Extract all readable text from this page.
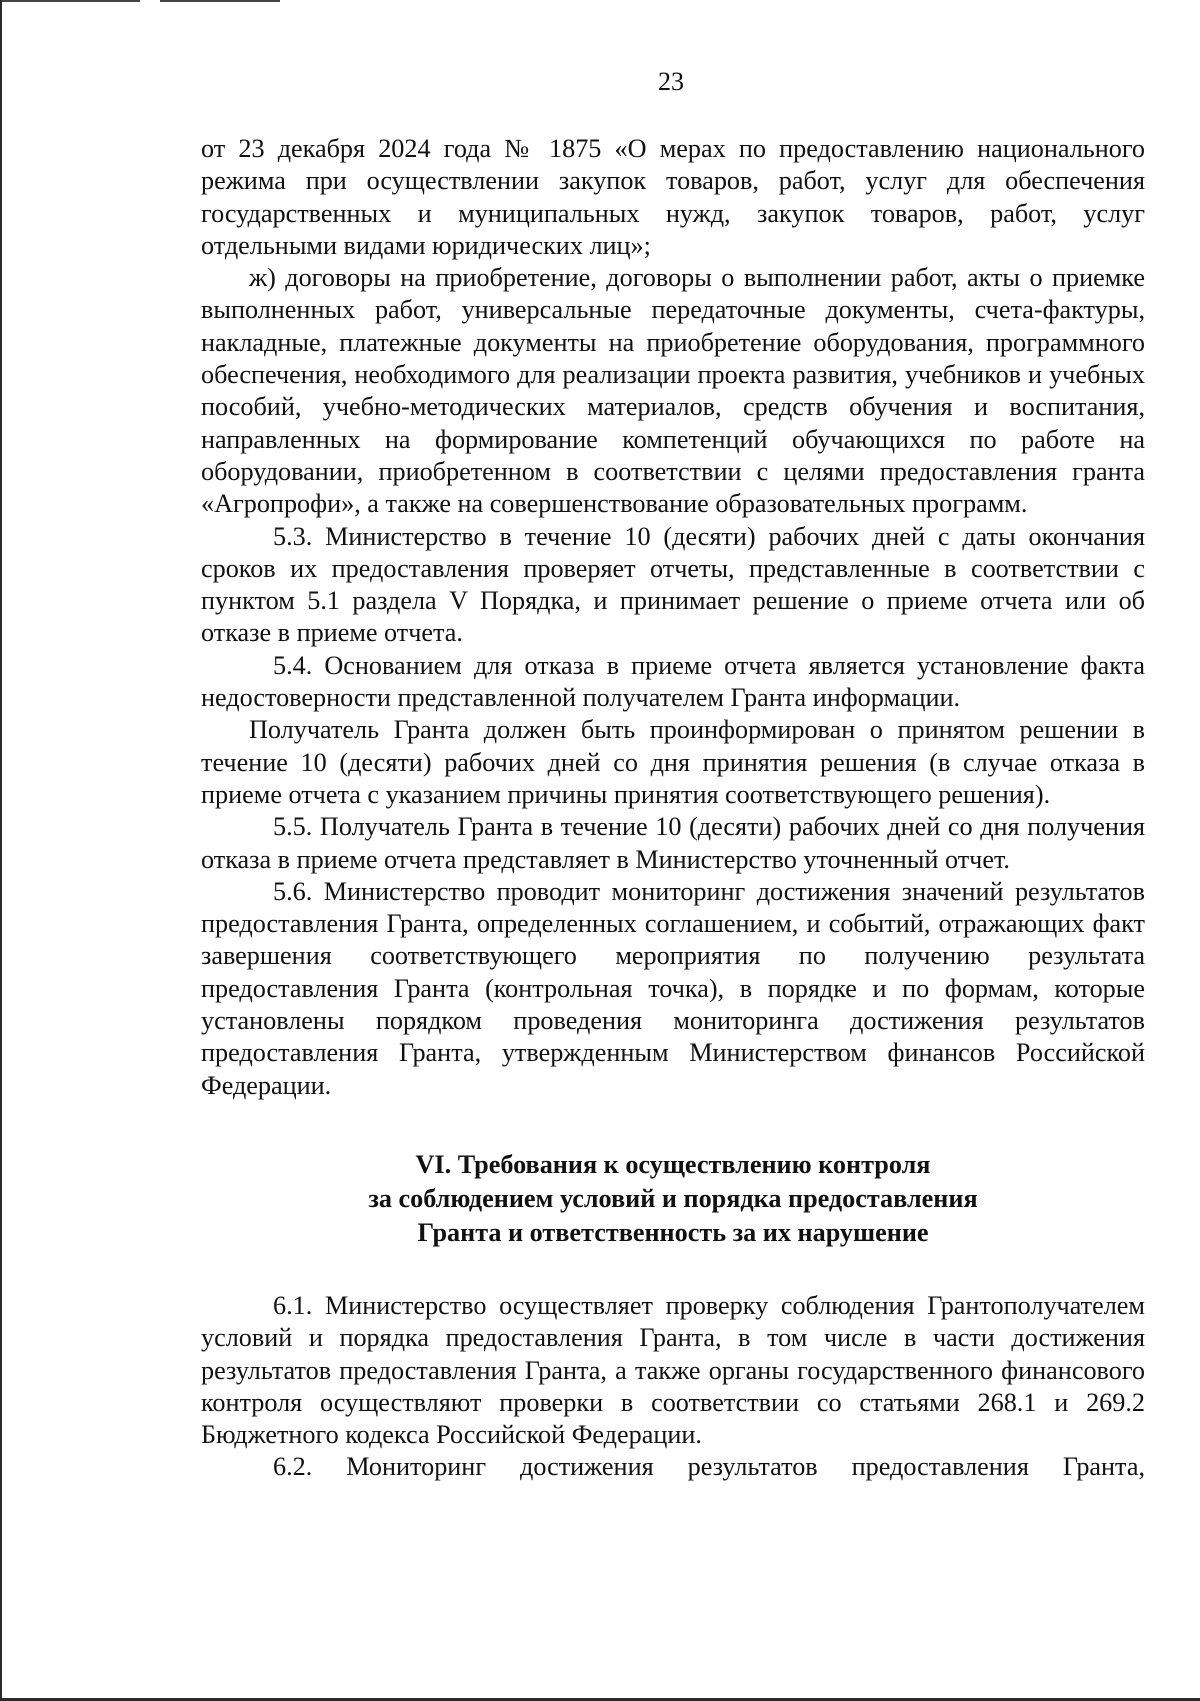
23

от 23 декабря 2024 года № 1875 «О мерах по предоставлению национального режима при осуществлении закупок товаров, работ, услуг для обеспечения государственных и муниципальных нужд, закупок товаров, работ, услуг отдельными видами юридических лиц»;

ж) договоры на приобретение, договоры о выполнении работ, акты о приемке выполненных работ, универсальные передаточные документы, счета-фактуры, накладные, платежные документы на приобретение оборудования, программного обеспечения, необходимого для реализации проекта развития, учебников и учебных пособий, учебно-методических материалов, средств обучения и воспитания, направленных на формирование компетенций обучающихся по работе на оборудовании, приобретенном в соответствии с целями предоставления гранта «Агропрофи», а также на совершенствование образовательных программ.

5.3. Министерство в течение 10 (десяти) рабочих дней с даты окончания сроков их предоставления проверяет отчеты, представленные в соответствии с пунктом 5.1 раздела V Порядка, и принимает решение о приеме отчета или об отказе в приеме отчета.

5.4. Основанием для отказа в приеме отчета является установление факта недостоверности представленной получателем Гранта информации.

Получатель Гранта должен быть проинформирован о принятом решении в течение 10 (десяти) рабочих дней со дня принятия решения (в случае отказа в приеме отчета с указанием причины принятия соответствующего решения).

5.5. Получатель Гранта в течение 10 (десяти) рабочих дней со дня получения отказа в приеме отчета представляет в Министерство уточненный отчет.

5.6. Министерство проводит мониторинг достижения значений результатов предоставления Гранта, определенных соглашением, и событий, отражающих факт завершения соответствующего мероприятия по получению результата предоставления Гранта (контрольная точка), в порядке и по формам, которые установлены порядком проведения мониторинга достижения результатов предоставления Гранта, утвержденным Министерством финансов Российской Федерации.

VI. Требования к осуществлению контроля
за соблюдением условий и порядка предоставления
Гранта и ответственность за их нарушение

6.1. Министерство осуществляет проверку соблюдения Грантополучателем условий и порядка предоставления Гранта, в том числе в части достижения результатов предоставления Гранта, а также органы государственного финансового контроля осуществляют проверки в соответствии со статьями 268.1 и 269.2 Бюджетного кодекса Российской Федерации.

6.2. Мониторинг достижения результатов предоставления Гранта,
